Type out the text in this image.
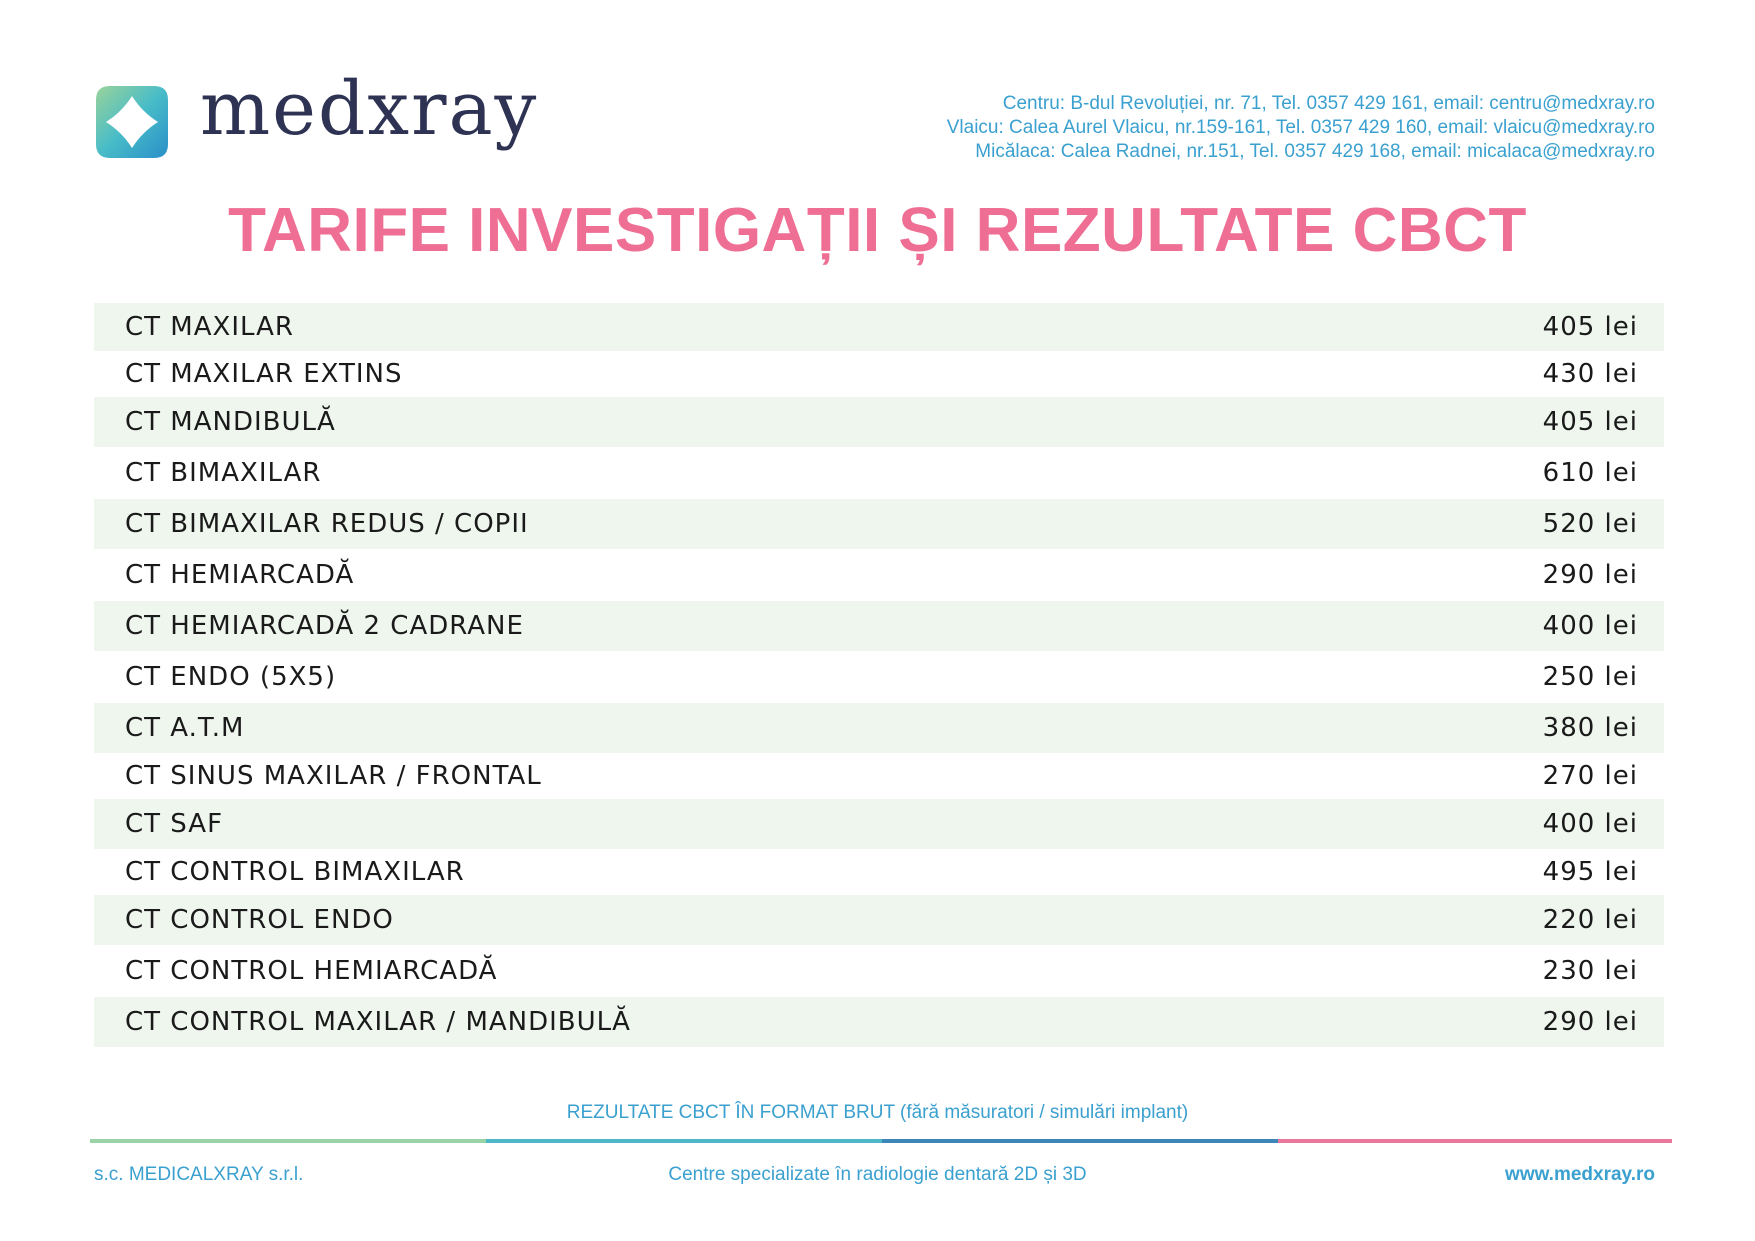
medxray	Centru: B-dul Revoluției, nr. 71, Tel. 0357 429 161, email: centru@medxray.ro
Vlaicu: Calea Aurel Vlaicu, nr.159-161, Tel. 0357 429 160, email: vlaicu@medxray.ro
Micălaca: Calea Radnei, nr.151, Tel. 0357 429 168, email: micalaca@medxray.ro
TARIFE INVESTIGAȚII ȘI REZULTATE CBCT
CT MAXILAR	405 lei
CT MAXILAR EXTINS	430 lei
CT MANDIBULĂ	405 lei
CT BIMAXILAR	610 lei
CT BIMAXILAR REDUS / COPII	520 lei
CT HEMIARCADĂ	290 lei
CT HEMIARCADĂ 2 CADRANE	400 lei
CT ENDO (5X5)	250 lei
CT A.T.M	380 lei
CT SINUS MAXILAR / FRONTAL	270 lei
CT SAF	400 lei
CT CONTROL BIMAXILAR	495 lei
CT CONTROL ENDO	220 lei
CT CONTROL HEMIARCADĂ	230 lei
CT CONTROL MAXILAR / MANDIBULĂ	290 lei
REZULTATE CBCT ÎN FORMAT BRUT (fără măsuratori / simulări implant)
s.c. MEDICALXRAY s.r.l.	Centre specializate în radiologie dentară 2D și 3D	www.medxray.ro
